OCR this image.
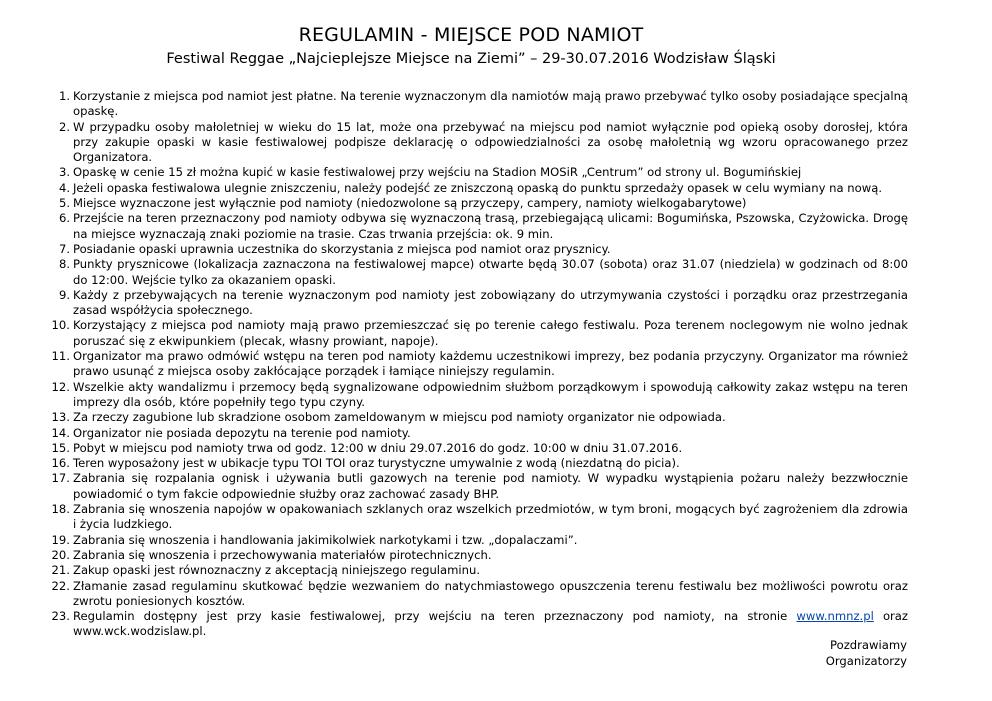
REGULAMIN - MIEJSCE POD NAMIOT
Festiwal Reggae „Najcieplejsze Miejsce na Ziemi” – 29-30.07.2016 Wodzisław Śląski
1. Korzystanie z miejsca pod namiot jest płatne. Na terenie wyznaczonym dla namiotów mają prawo przebywać tylko osoby posiadające specjalną opaskę.
2. W przypadku osoby małoletniej w wieku do 15 lat, może ona przebywać na miejscu pod namiot wyłącznie pod opieką osoby dorosłej, która przy zakupie opaski w kasie festiwalowej podpisze deklarację o odpowiedzialności za osobę małoletnią wg wzoru opracowanego przez Organizatora.
3. Opaskę w cenie 15 zł można kupić w kasie festiwalowej przy wejściu na Stadion MOSiR „Centrum” od strony ul. Bogumińskiej
4. Jeżeli opaska festiwalowa ulegnie zniszczeniu, należy podejść ze zniszczoną opaską do punktu sprzedaży opasek w celu wymiany na nową.
5. Miejsce wyznaczone jest wyłącznie pod namioty (niedozwolone są przyczepy, campery, namioty wielkogabarytowe)
6. Przejście na teren przeznaczony pod namioty odbywa się wyznaczoną trasą, przebiegającą ulicami: Bogumińska, Pszowska, Czyżowicka. Drogę na miejsce wyznaczają znaki poziomie na trasie. Czas trwania przejścia: ok. 9 min.
7. Posiadanie opaski uprawnia uczestnika do skorzystania z miejsca pod namiot oraz prysznicy.
8. Punkty prysznicowe (lokalizacja zaznaczona na festiwalowej mapce) otwarte będą 30.07 (sobota) oraz 31.07 (niedziela) w godzinach od 8:00 do 12:00. Wejście tylko za okazaniem opaski.
9. Każdy z przebywających na terenie wyznaczonym pod namioty jest zobowiązany do utrzymywania czystości i porządku oraz przestrzegania zasad współżycia społecznego.
10. Korzystający z miejsca pod namioty mają prawo przemieszczać się po terenie całego festiwalu. Poza terenem noclegowym nie wolno jednak poruszać się z ekwipunkiem (plecak, własny prowiant, napoje).
11. Organizator ma prawo odmówić wstępu na teren pod namioty każdemu uczestnikowi imprezy, bez podania przyczyny. Organizator ma również prawo usunąć z miejsca osoby zakłócające porządek i łamiące niniejszy regulamin.
12. Wszelkie akty wandalizmu i przemocy będą sygnalizowane odpowiednim służbom porządkowym i spowodują całkowity zakaz wstępu na teren imprezy dla osób, które popełniły tego typu czyny.
13. Za rzeczy zagubione lub skradzione osobom zameldowanym w miejscu pod namioty organizator nie odpowiada.
14. Organizator nie posiada depozytu na terenie pod namioty.
15. Pobyt w miejscu pod namioty trwa od godz. 12:00 w dniu 29.07.2016 do godz. 10:00 w dniu 31.07.2016.
16. Teren wyposażony jest w ubikacje typu TOI TOI oraz turystyczne umywalnie z wodą (niezdatną do picia).
17. Zabrania się rozpalania ognisk i używania butli gazowych na terenie pod namioty. W wypadku wystąpienia pożaru należy bezzwłocznie powiadomić o tym fakcie odpowiednie służby oraz zachować zasady BHP.
18. Zabrania się wnoszenia napojów w opakowaniach szklanych oraz wszelkich przedmiotów, w tym broni, mogących być zagrożeniem dla zdrowia i życia ludzkiego.
19. Zabrania się wnoszenia i handlowania jakimikolwiek narkotykami i tzw. „dopalaczami”.
20. Zabrania się wnoszenia i przechowywania materiałów pirotechnicznych.
21. Zakup opaski jest równoznaczny z akceptacją niniejszego regulaminu.
22. Złamanie zasad regulaminu skutkować będzie wezwaniem do natychmiastowego opuszczenia terenu festiwalu bez możliwości powrotu oraz zwrotu poniesionych kosztów.
23. Regulamin dostępny jest przy kasie festiwalowej, przy wejściu na teren przeznaczony pod namioty, na stronie www.nmnz.pl oraz www.wck.wodzislaw.pl.
Pozdrawiamy
Organizatorzy
